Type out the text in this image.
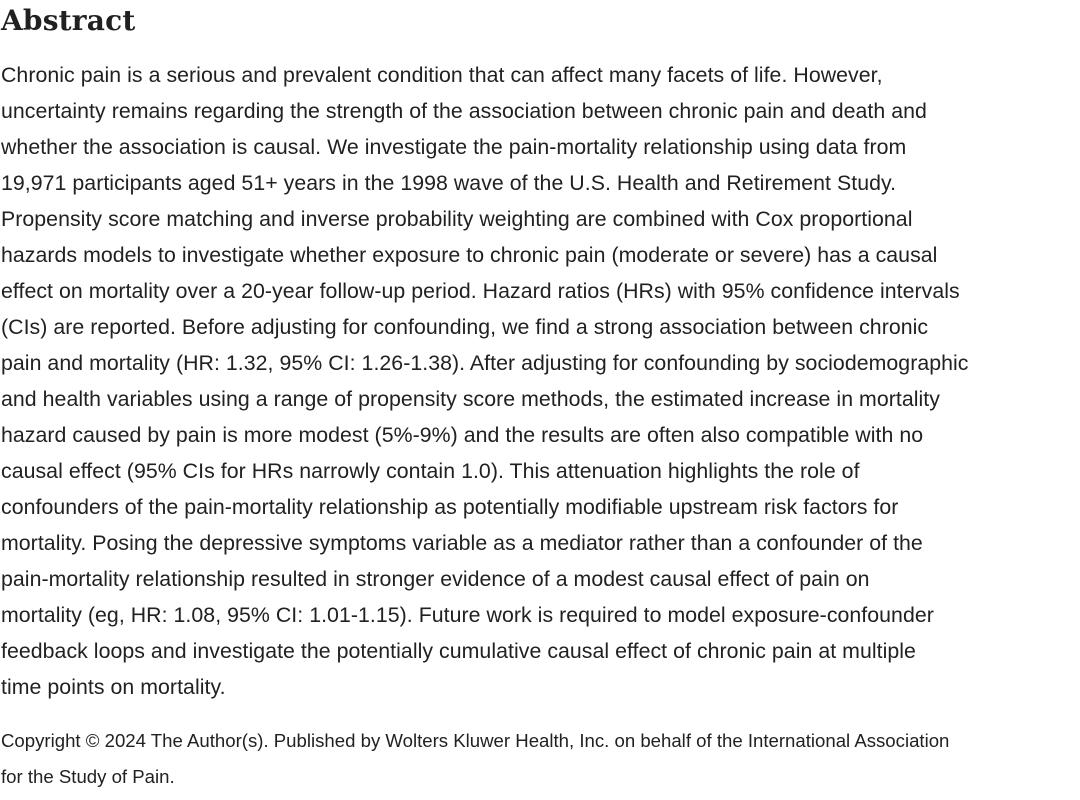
Abstract

Chronic pain is a serious and prevalent condition that can affect many facets of life. However,
uncertainty remains regarding the strength of the association between chronic pain and death and
whether the association is causal. We investigate the pain-mortality relationship using data from
19,971 participants aged 51+ years in the 1998 wave of the U.S. Health and Retirement Study.
Propensity score matching and inverse probability weighting are combined with Cox proportional
hazards models to investigate whether exposure to chronic pain (moderate or severe) has a causal
effect on mortality over a 20-year follow-up period. Hazard ratios (HRs) with 95% confidence intervals
(CIs) are reported. Before adjusting for confounding, we find a strong association between chronic
pain and mortality (HR: 1.32, 95% CI: 1.26-1.38). After adjusting for confounding by sociodemographic
and health variables using a range of propensity score methods, the estimated increase in mortality
hazard caused by pain is more modest (5%-9%) and the results are often also compatible with no
causal effect (95% CIs for HRs narrowly contain 1.0). This attenuation highlights the role of
confounders of the pain-mortality relationship as potentially modifiable upstream risk factors for
mortality. Posing the depressive symptoms variable as a mediator rather than a confounder of the
pain-mortality relationship resulted in stronger evidence of a modest causal effect of pain on
mortality (eg, HR: 1.08, 95% CI: 1.01-1.15). Future work is required to model exposure-confounder
feedback loops and investigate the potentially cumulative causal effect of chronic pain at multiple
time points on mortality.

Copyright © 2024 The Author(s). Published by Wolters Kluwer Health, Inc. on behalf of the International Association
for the Study of Pain.
